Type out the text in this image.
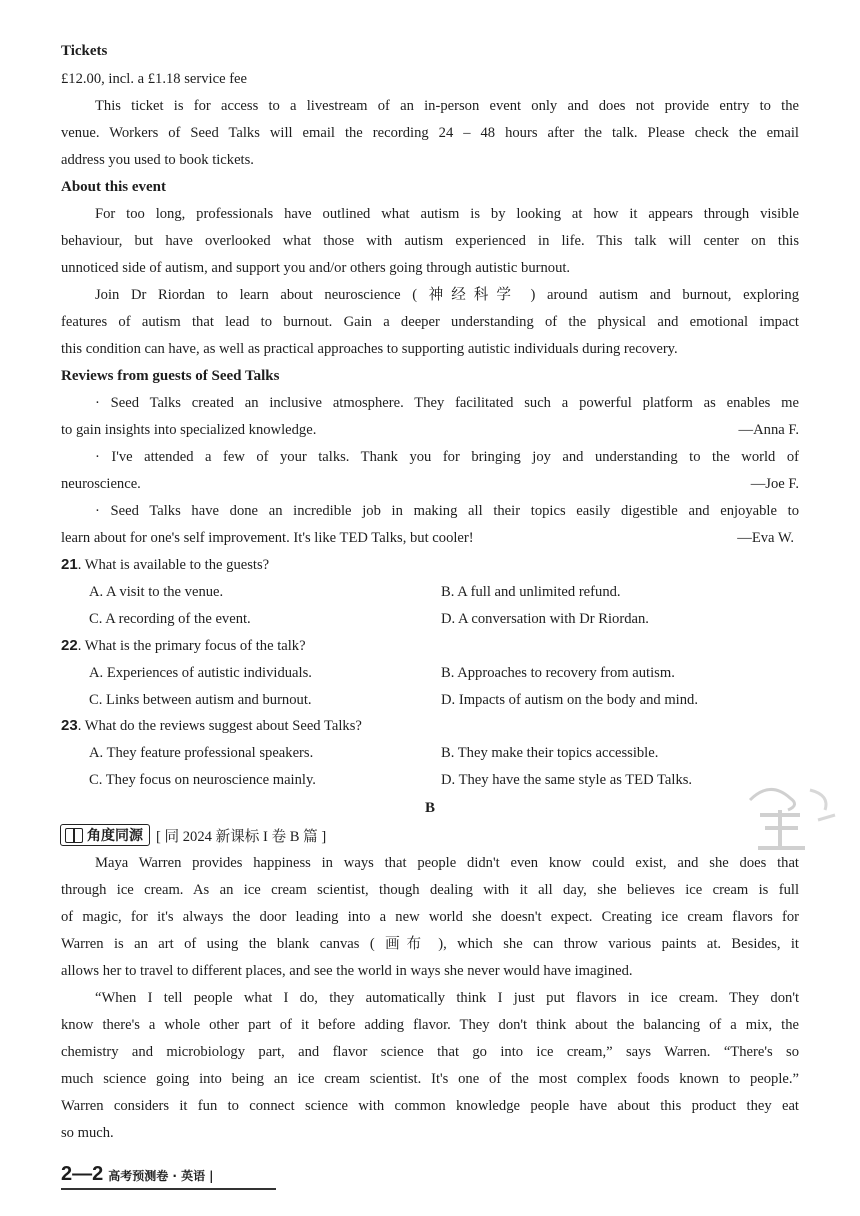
Tickets
£12.00, incl. a £1.18 service fee
This ticket is for access to a livestream of an in-person event only and does not provide entry to the
venue. Workers of Seed Talks will email the recording 24 – 48 hours after the talk. Please check the email
address you used to book tickets.
About this event
For too long, professionals have outlined what autism is by looking at how it appears through visible
behaviour, but have overlooked what those with autism experienced in life. This talk will center on this
unnoticed side of autism, and support you and/or others going through autistic burnout.
Join Dr Riordan to learn about neuroscience ( 神经科学 ) around autism and burnout, exploring
features of autism that lead to burnout. Gain a deeper understanding of the physical and emotional impact
this condition can have, as well as practical approaches to supporting autistic individuals during recovery.
Reviews from guests of Seed Talks
· Seed Talks created an inclusive atmosphere. They facilitated such a powerful platform as enables me
to gain insights into specialized knowledge.	—Anna F.
· I've attended a few of your talks. Thank you for bringing joy and understanding to the world of
neuroscience.	—Joe F.
· Seed Talks have done an incredible job in making all their topics easily digestible and enjoyable to
learn about for one's self improvement. It's like TED Talks, but cooler!	—Eva W.
21. What is available to the guests?
A. A visit to the venue.	B. A full and unlimited refund.
C. A recording of the event.	D. A conversation with Dr Riordan.
22. What is the primary focus of the talk?
A. Experiences of autistic individuals.	B. Approaches to recovery from autism.
C. Links between autism and burnout.	D. Impacts of autism on the body and mind.
23. What do the reviews suggest about Seed Talks?
A. They feature professional speakers.	B. They make their topics accessible.
C. They focus on neuroscience mainly.	D. They have the same style as TED Talks.
B
角度同源 [ 同 2024 新课标 I 卷 B 篇 ]
Maya Warren provides happiness in ways that people didn't even know could exist, and she does that
through ice cream. As an ice cream scientist, though dealing with it all day, she believes ice cream is full
of magic, for it's always the door leading into a new world she doesn't expect. Creating ice cream flavors for
Warren is an art of using the blank canvas ( 画布 ), which she can throw various paints at. Besides, it
allows her to travel to different places, and see the world in ways she never would have imagined.
“When I tell people what I do, they automatically think I just put flavors in ice cream. They don't
know there's a whole other part of it before adding flavor. They don't think about the balancing of a mix, the
chemistry and microbiology part, and flavor science that go into ice cream,” says Warren. “There's so
much science going into being an ice cream scientist. It's one of the most complex foods known to people.”
Warren considers it fun to connect science with common knowledge people have about this product they eat
so much.
2—2 高考预测卷 · 英语 |
